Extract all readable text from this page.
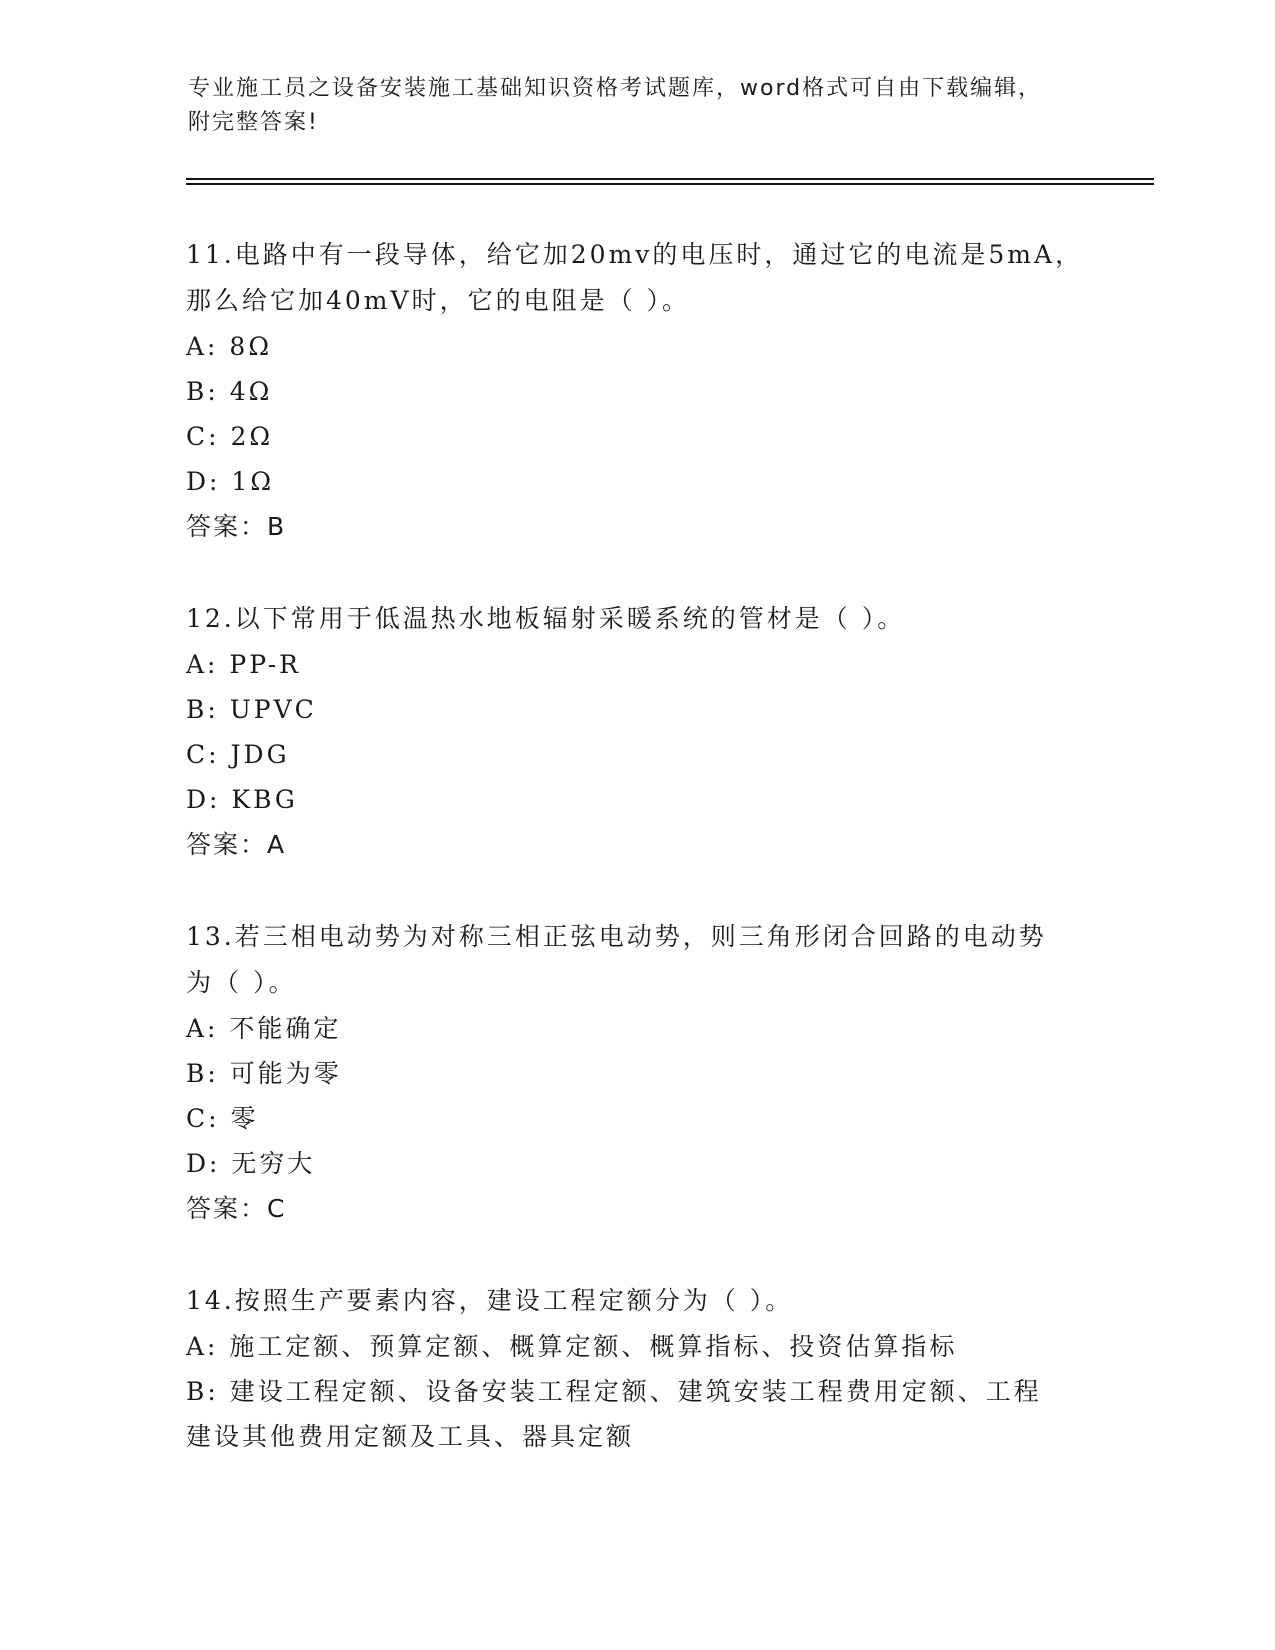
专业施工员之设备安装施工基础知识资格考试题库，word格式可自由下载编辑，

附完整答案!

11.电路中有一段导体，给它加20mv的电压时，通过它的电流是5mA，

那么给它加40mV时，它的电阻是（ ）。

A: 8Ω

B: 4Ω

C: 2Ω

D: 1Ω

答案：B

12.以下常用于低温热水地板辐射采暖系统的管材是（ ）。

A: PP-R

B: UPVC

C: JDG

D: KBG

答案：A

13.若三相电动势为对称三相正弦电动势，则三角形闭合回路的电动势

为（ ）。

A: 不能确定

B: 可能为零

C: 零

D: 无穷大

答案：C

14.按照生产要素内容，建设工程定额分为（ ）。

A: 施工定额、预算定额、概算定额、概算指标、投资估算指标

B: 建设工程定额、设备安装工程定额、建筑安装工程费用定额、工程

建设其他费用定额及工具、器具定额
